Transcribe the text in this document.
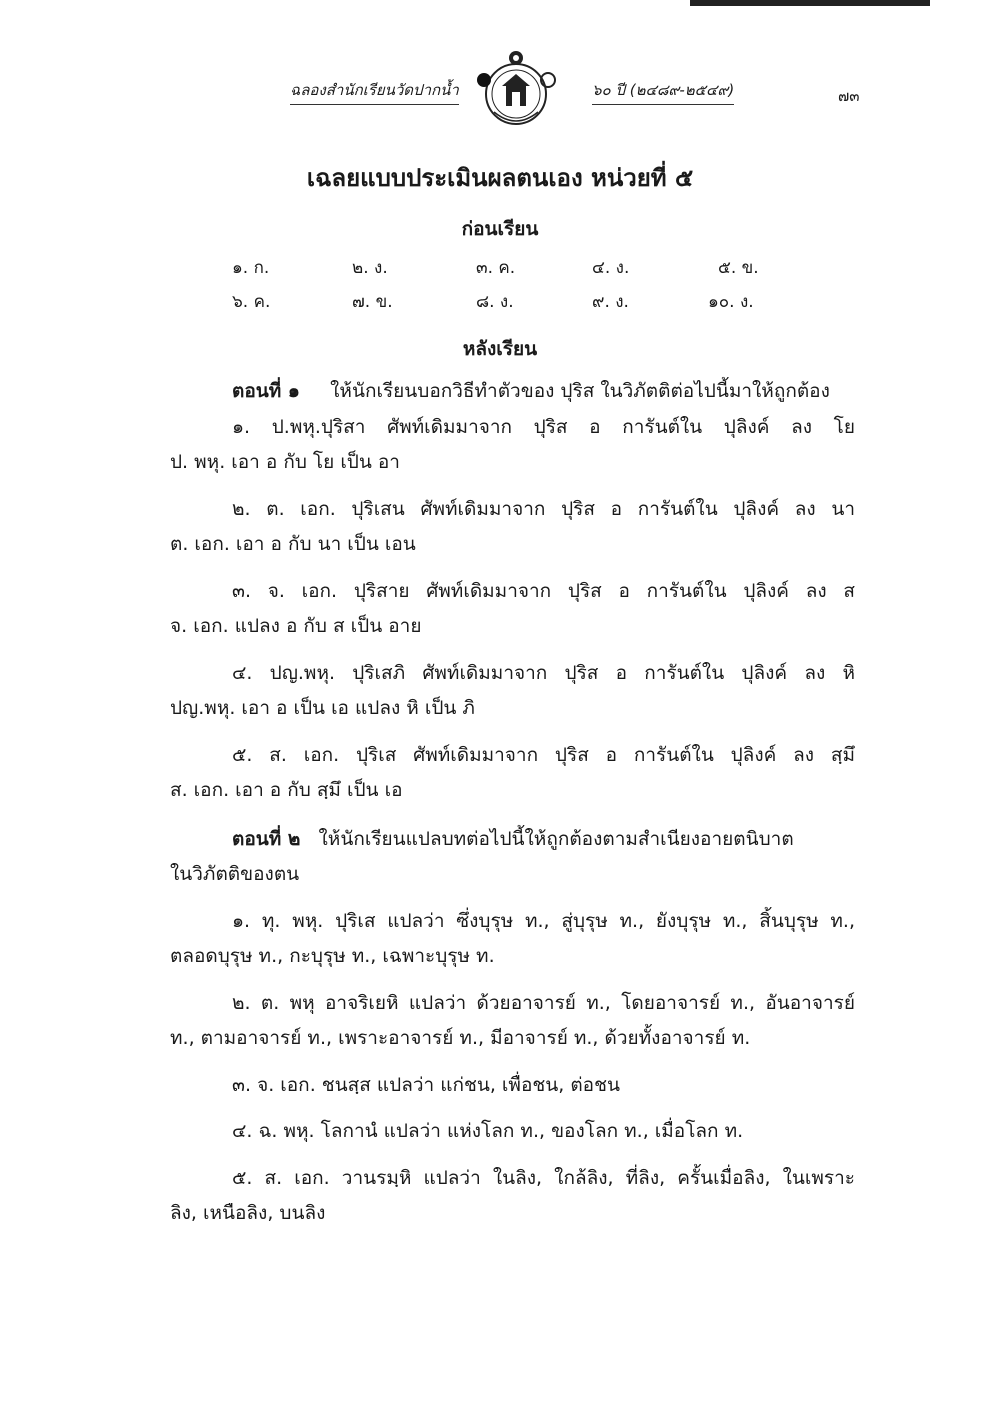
ฉลองสำนักเรียนวัดปากน้ำ	๖๐ ปี (๒๔๘๙-๒๕๔๙)	๗๓
เฉลยแบบประเมินผลตนเอง หน่วยที่ ๕
ก่อนเรียน
๑. ก.	๒. ง.	๓. ค.	๔. ง.	๕. ข.
๖. ค.	๗. ข.	๘. ง.	๙. ง.	๑๐. ง.
หลังเรียน

ตอนที่ ๑ ให้นักเรียนบอกวิธีทำตัวของ ปุริส ในวิภัตติต่อไปนี้มาให้ถูกต้อง

๑. ป.พหุ.ปุริสา ศัพท์เดิมมาจาก ปุริส อ การันต์ใน ปุลิงค์ ลง โย

ป. พหุ. เอา อ กับ โย เป็น อา

๒. ต. เอก. ปุริเสน ศัพท์เดิมมาจาก ปุริส อ การันต์ใน ปุลิงค์ ลง นา

ต. เอก. เอา อ กับ นา เป็น เอน

๓. จ. เอก. ปุริสาย ศัพท์เดิมมาจาก ปุริส อ การันต์ใน ปุลิงค์ ลง ส

จ. เอก. แปลง อ กับ ส เป็น อาย

๔. ปญ.พหุ. ปุริเสภิ ศัพท์เดิมมาจาก ปุริส อ การันต์ใน ปุลิงค์ ลง หิ

ปญ.พหุ. เอา อ เป็น เอ แปลง หิ เป็น ภิ

๕. ส. เอก. ปุริเส ศัพท์เดิมมาจาก ปุริส อ การันต์ใน ปุลิงค์ ลง สฺมึ

ส. เอก. เอา อ กับ สฺมึ เป็น เอ

ตอนที่ ๒ ให้นักเรียนแปลบทต่อไปนี้ให้ถูกต้องตามสำเนียงอายตนิบาต

ในวิภัตติของตน

๑. ทุ. พหุ. ปุริเส แปลว่า ซึ่งบุรุษ ท., สู่บุรุษ ท., ยังบุรุษ ท., สิ้นบุรุษ ท.,

ตลอดบุรุษ ท., กะบุรุษ ท., เฉพาะบุรุษ ท.

๒. ต. พหุ อาจริเยหิ แปลว่า ด้วยอาจารย์ ท., โดยอาจารย์ ท., อันอาจารย์

ท., ตามอาจารย์ ท., เพราะอาจารย์ ท., มีอาจารย์ ท., ด้วยทั้งอาจารย์ ท.

๓. จ. เอก. ชนสฺส แปลว่า แก่ชน, เพื่อชน, ต่อชน

๔. ฉ. พหุ. โลกานํ แปลว่า แห่งโลก ท., ของโลก ท., เมื่อโลก ท.

๕. ส. เอก. วานรมฺหิ แปลว่า ในลิง, ใกล้ลิง, ที่ลิง, ครั้นเมื่อลิง, ในเพราะ

ลิง, เหนือลิง, บนลิง
